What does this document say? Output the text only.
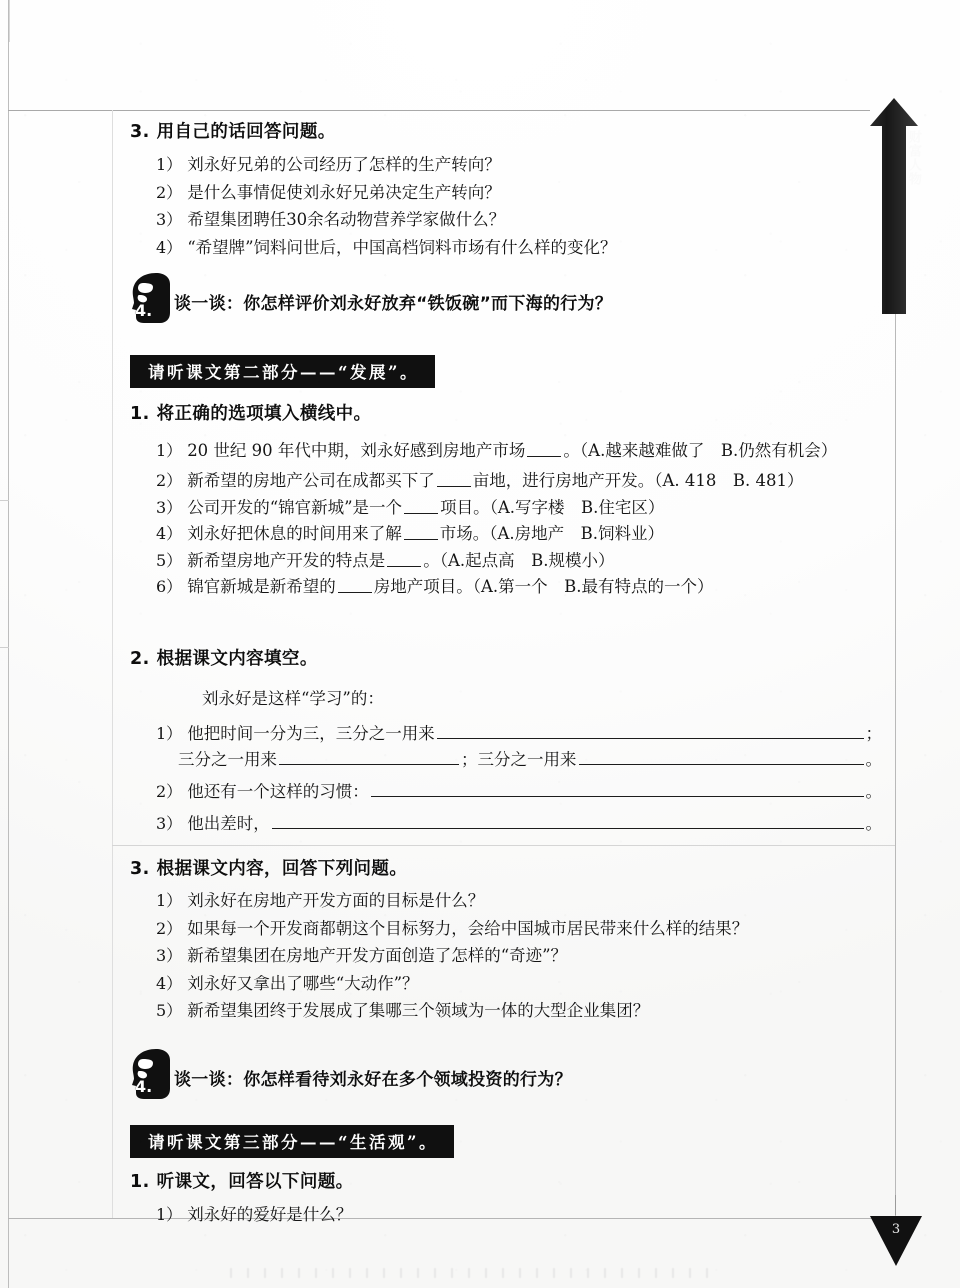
财富人物
3. 用自己的话回答问题。
1） 刘永好兄弟的公司经历了怎样的生产转向？
2） 是什么事情促使刘永好兄弟决定生产转向？
3） 希望集团聘任30余名动物营养学家做什么？
4） “希望牌”饲料问世后，中国高档饲料市场有什么样的变化？
4. 谈一谈：你怎样评价刘永好放弃“铁饭碗”而下海的行为？
请听课文第二部分——“发展”。
1. 将正确的选项填入横线中。
1） 20 世纪 90 年代中期，刘永好感到房地产市场 。（A.越来越难做了　B.仍然有机会）
2） 新希望的房地产公司在成都买下了 亩地，进行房地产开发。（A. 418　B. 481）
3） 公司开发的“锦官新城”是一个 项目。（A.写字楼　B.住宅区）
4） 刘永好把休息的时间用来了解 市场。（A.房地产　B.饲料业）
5） 新希望房地产开发的特点是 。（A.起点高　B.规模小）
6） 锦官新城是新希望的 房地产项目。（A.第一个　B.最有特点的一个）
2. 根据课文内容填空。
刘永好是这样“学习”的：
1） 他把时间一分为三，三分之一用来	；
三分之一用来	；三分之一用来	。
2） 他还有一个这样的习惯：	。
3） 他出差时，	。
3. 根据课文内容，回答下列问题。
1） 刘永好在房地产开发方面的目标是什么？
2） 如果每一个开发商都朝这个目标努力，会给中国城市居民带来什么样的结果？
3） 新希望集团在房地产开发方面创造了怎样的“奇迹”？
4） 刘永好又拿出了哪些“大动作”？
5） 新希望集团终于发展成了集哪三个领域为一体的大型企业集团？
4. 谈一谈：你怎样看待刘永好在多个领域投资的行为？
请听课文第三部分——“生活观”。
1. 听课文，回答以下问题。
1） 刘永好的爱好是什么？
3
